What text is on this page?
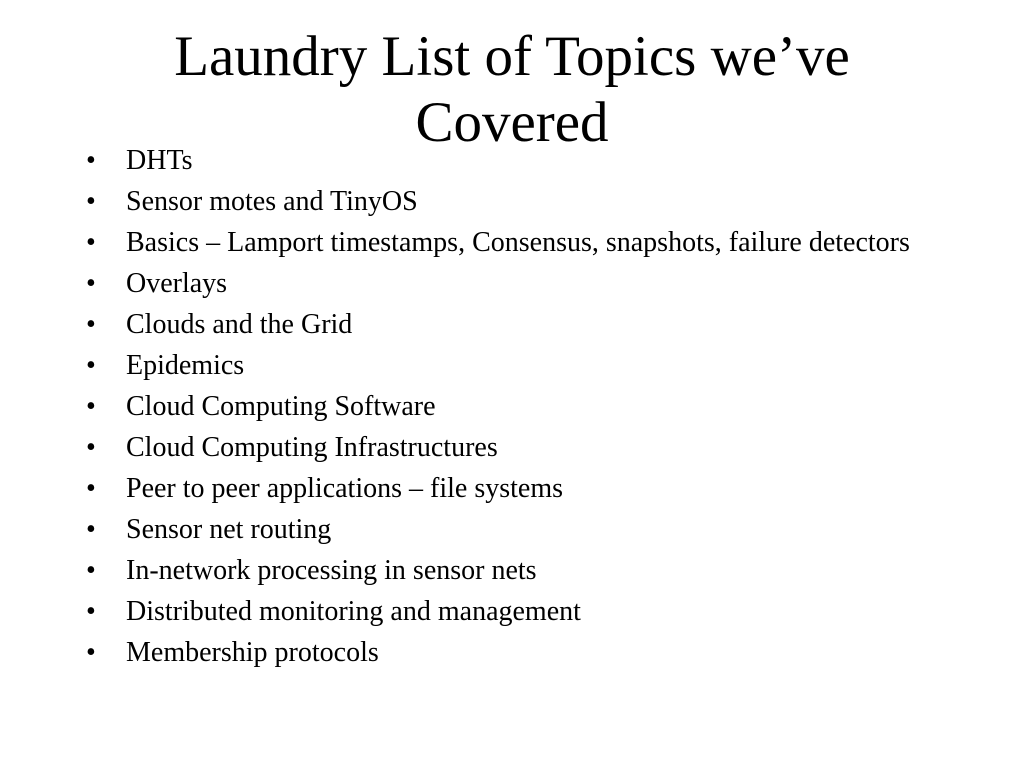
Laundry List of Topics we’ve
Covered
• DHTs
• Sensor motes and TinyOS
• Basics – Lamport timestamps, Consensus, snapshots, failure detectors
• Overlays
• Clouds and the Grid
• Epidemics
• Cloud Computing Software
• Cloud Computing Infrastructures
• Peer to peer applications – file systems
• Sensor net routing
• In-network processing in sensor nets
• Distributed monitoring and management
• Membership protocols
